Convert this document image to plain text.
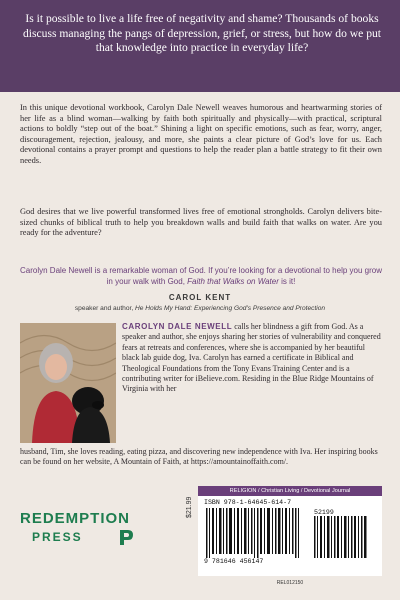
Is it possible to live a life free of negativity and shame? Thousands of books discuss managing the pangs of depression, grief, or stress, but how do we put that knowledge into practice in everyday life?

In this unique devotional workbook, Carolyn Dale Newell weaves humorous and heartwarming stories of her life as a blind woman—walking by faith both spiritually and physically—with practical, scriptural actions to boldly “step out of the boat.” Shining a light on specific emotions, such as fear, worry, anger, discouragement, rejection, jealousy, and more, she paints a clear picture of God’s love for us. Each devotional contains a prayer prompt and questions to help the reader plan a battle strategy to fit their own needs.

God desires that we live powerful transformed lives free of emotional strongholds. Carolyn delivers bite-sized chunks of biblical truth to help you breakdown walls and build faith that walks on water. Are you ready for the adventure?

Carolyn Dale Newell is a remarkable woman of God. If you’re looking for a devotional to help you grow in your walk with God, Faith that Walks on Water is it!

CAROL KENT

speaker and author, He Holds My Hand: Experiencing God’s Presence and Protection

CAROLYN DALE NEWELL calls her blindness a gift from God. As a speaker and author, she enjoys sharing her stories of vulnerability and conquered fears at retreats and conferences, where she is accompanied by her beautiful black lab guide dog, Iva. Carolyn has earned a certificate in Biblical and Theological Foundations from the Tony Evans Training Center and is a contributing writer for iBelieve.com. Residing in the Blue Ridge Mountains of Virginia with her

husband, Tim, she loves reading, eating pizza, and discovering new independence with Iva. Her inspiring books can be found on her website, A Mountain of Faith, at https://amountainoffaith.com/.

REDEMPTION
PRESS
$21.99
RELIGION / Christian Living / Devotional Journal
ISBN 978-1-64645-614-7
52199
9 781646 456147
REL012150
